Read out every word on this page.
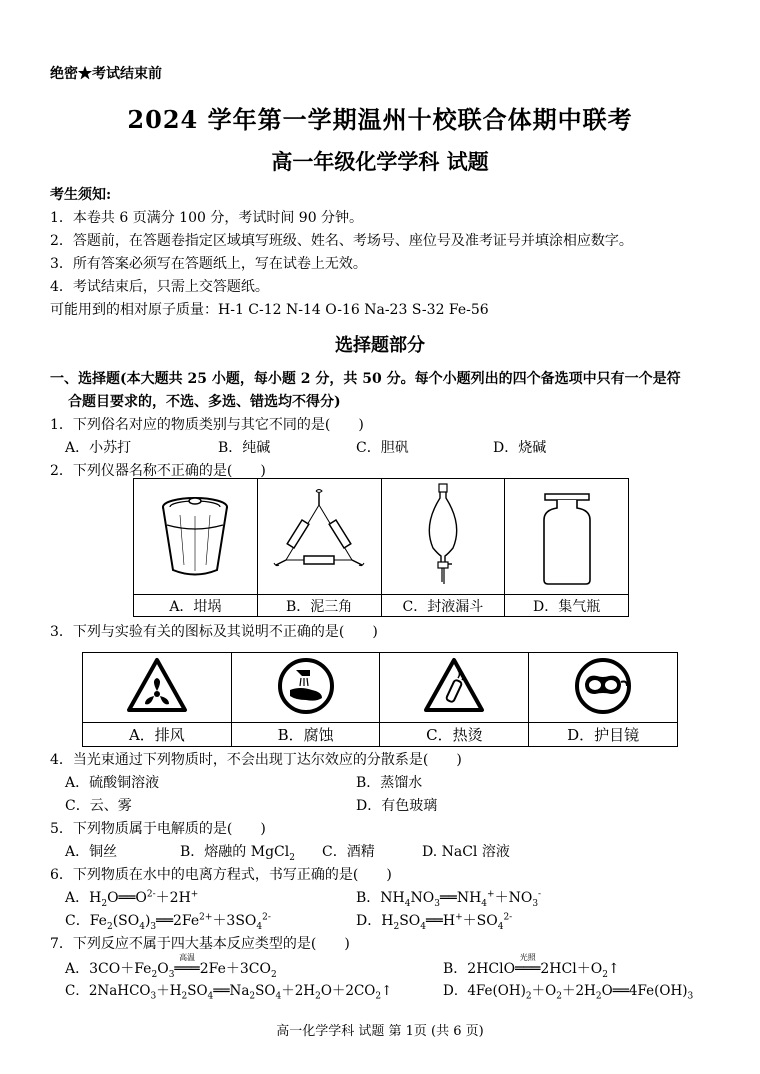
绝密★考试结束前
2024 学年第一学期温州十校联合体期中联考
高一年级化学学科 试题
考生须知:
1．本卷共 6 页满分 100 分，考试时间 90 分钟。
2．答题前，在答题卷指定区域填写班级、姓名、考场号、座位号及准考证号并填涂相应数字。
3．所有答案必须写在答题纸上，写在试卷上无效。
4．考试结束后，只需上交答题纸。
可能用到的相对原子质量：H-1 C-12 N-14 O-16 Na-23 S-32 Fe-56
选择题部分
一、选择题(本大题共 25 小题，每小题 2 分，共 50 分。每个小题列出的四个备选项中只有一个是符
合题目要求的，不选、多选、错选均不得分)
1．下列俗名对应的物质类别与其它不同的是(　　)
A．小苏打	B．纯碱	C．胆矾	D．烧碱
2．下列仪器名称不正确的是(　　)

A．坩埚	B．泥三角	C．封液漏斗	D．集气瓶
3．下列与实验有关的图标及其说明不正确的是(　　)

A．排风	B．腐蚀	C．热烫	D．护目镜
4．当光束通过下列物质时，不会出现丁达尔效应的分散系是(　　)
A．硫酸铜溶液	B．蒸馏水
C．云、雾	D．有色玻璃
5．下列物质属于电解质的是(　　)
A．铜丝	B．熔融的 MgCl$_2$ C．酒精	D. NaCl 溶液
6．下列物质在水中的电离方程式，书写正确的是(　　)
A．$H_2O══O^{2-}+2H^+$	B．$NH_4NO_3══NH_4^++NO_3^-$
C．$Fe_2(SO_4)_3══2Fe^{2+}+3SO_4^{2-}$	D．$H_2SO_4══H^++SO_4^{2-}$
7．下列反应不属于四大基本反应类型的是(　　)
A．$3CO+Fe_2O_3$
高温
$═══2Fe+3CO_2$	B．2HClO
光照
$═══2HCl+O_2↑$
C．$2NaHCO_3+H_2SO_4══Na_2SO_4+2H_2O+2CO_2↑$	D．$4Fe(OH)_2+O_2+2H_2O══4Fe(OH)_3$
高一化学学科 试题 第 1页 (共 6 页)
